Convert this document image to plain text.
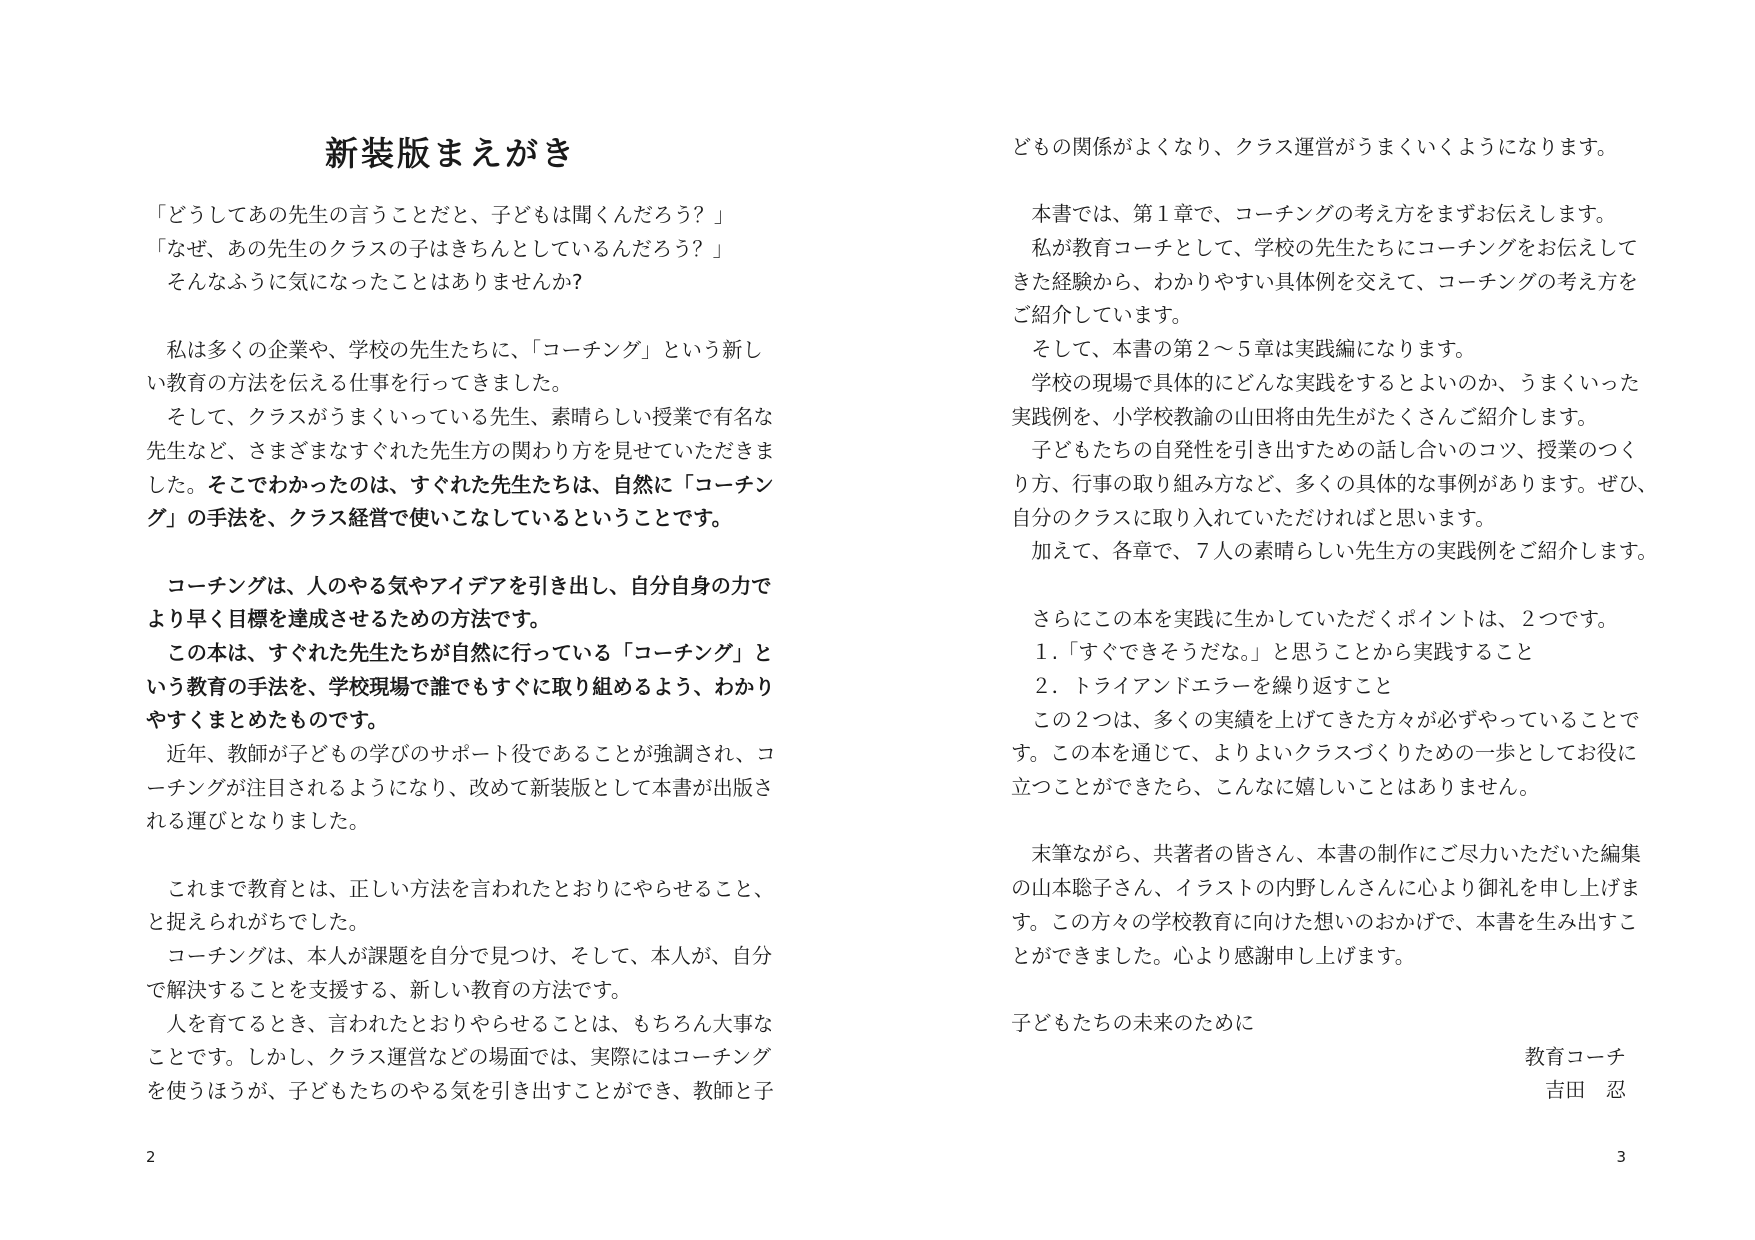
新装版まえがき

「どうしてあの先生の言うことだと、子どもは聞くんだろう？」

「なぜ、あの先生のクラスの子はきちんとしているんだろう？」

　そんなふうに気になったことはありませんか?

　私は多くの企業や、学校の先生たちに、「コーチング」という新し

い教育の方法を伝える仕事を行ってきました。

　そして、クラスがうまくいっている先生、素晴らしい授業で有名な

先生など、さまざまなすぐれた先生方の関わり方を見せていただきま

した。そこでわかったのは、すぐれた先生たちは、自然に「コーチン

グ」の手法を、クラス経営で使いこなしているということです。

　コーチングは、人のやる気やアイデアを引き出し、自分自身の力で

より早く目標を達成させるための方法です。

　この本は、すぐれた先生たちが自然に行っている「コーチング」と

いう教育の手法を、学校現場で誰でもすぐに取り組めるよう、わかり

やすくまとめたものです。

　近年、教師が子どもの学びのサポート役であることが強調され、コ

ーチングが注目されるようになり、改めて新装版として本書が出版さ

れる運びとなりました。

　これまで教育とは、正しい方法を言われたとおりにやらせること、

と捉えられがちでした。

　コーチングは、本人が課題を自分で見つけ、そして、本人が、自分

で解決することを支援する、新しい教育の方法です。

　人を育てるとき、言われたとおりやらせることは、もちろん大事な

ことです。しかし、クラス運営などの場面では、実際にはコーチング

を使うほうが、子どもたちのやる気を引き出すことができ、教師と子

2

どもの関係がよくなり、クラス運営がうまくいくようになります。

　本書では、第１章で、コーチングの考え方をまずお伝えします。

　私が教育コーチとして、学校の先生たちにコーチングをお伝えして

きた経験から、わかりやすい具体例を交えて、コーチングの考え方を

ご紹介しています。

　そして、本書の第２～５章は実践編になります。

　学校の現場で具体的にどんな実践をするとよいのか、うまくいった

実践例を、小学校教諭の山田将由先生がたくさんご紹介します。

　子どもたちの自発性を引き出すための話し合いのコツ、授業のつく

り方、行事の取り組み方など、多くの具体的な事例があります。ぜひ、

自分のクラスに取り入れていただければと思います。

　加えて、各章で、７人の素晴らしい先生方の実践例をご紹介します。

　さらにこの本を実践に生かしていただくポイントは、２つです。

　１.「すぐできそうだな。」と思うことから実践すること

　２．トライアンドエラーを繰り返すこと

　この２つは、多くの実績を上げてきた方々が必ずやっていることで

す。この本を通じて、よりよいクラスづくりための一歩としてお役に

立つことができたら、こんなに嬉しいことはありません。

　末筆ながら、共著者の皆さん、本書の制作にご尽力いただいた編集

の山本聡子さん、イラストの内野しんさんに心より御礼を申し上げま

す。この方々の学校教育に向けた想いのおかげで、本書を生み出すこ

とができました。心より感謝申し上げます。

子どもたちの未来のために

教育コーチ

吉田　忍

3
